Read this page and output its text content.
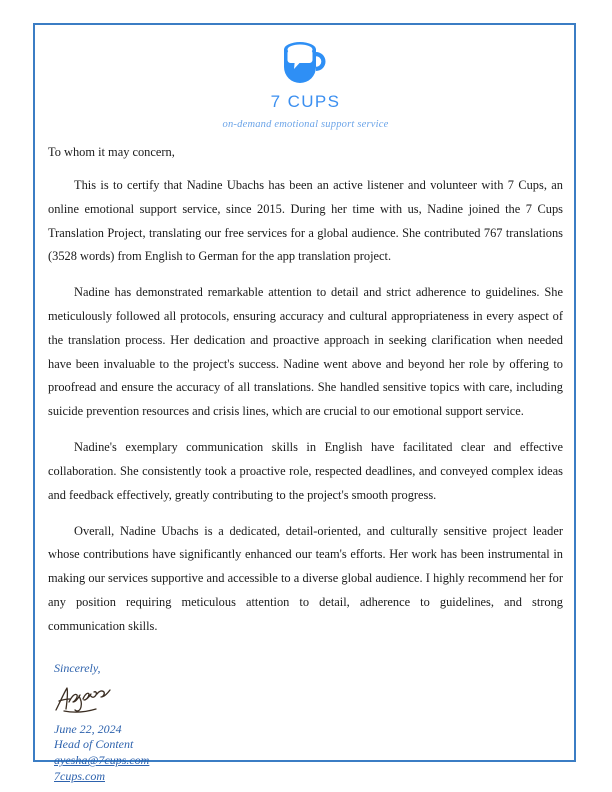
7 CUPS
on-demand emotional support service

To whom it may concern,

This is to certify that Nadine Ubachs has been an active listener and volunteer with 7 Cups, an online emotional support service, since 2015. During her time with us, Nadine joined the 7 Cups Translation Project, translating our free services for a global audience. She contributed 767 translations (3528 words) from English to German for the app translation project.

Nadine has demonstrated remarkable attention to detail and strict adherence to guidelines. She meticulously followed all protocols, ensuring accuracy and cultural appropriateness in every aspect of the translation process. Her dedication and proactive approach in seeking clarification when needed have been invaluable to the project's success. Nadine went above and beyond her role by offering to proofread and ensure the accuracy of all translations. She handled sensitive topics with care, including suicide prevention resources and crisis lines, which are crucial to our emotional support service.

Nadine's exemplary communication skills in English have facilitated clear and effective collaboration. She consistently took a proactive role, respected deadlines, and conveyed complex ideas and feedback effectively, greatly contributing to the project's smooth progress.

Overall, Nadine Ubachs is a dedicated, detail-oriented, and culturally sensitive project leader whose contributions have significantly enhanced our team's efforts. Her work has been instrumental in making our services supportive and accessible to a diverse global audience. I highly recommend her for any position requiring meticulous attention to detail, adherence to guidelines, and strong communication skills.

Sincerely,
June 22, 2024
Head of Content
ayesha@7cups.com
7cups.com
